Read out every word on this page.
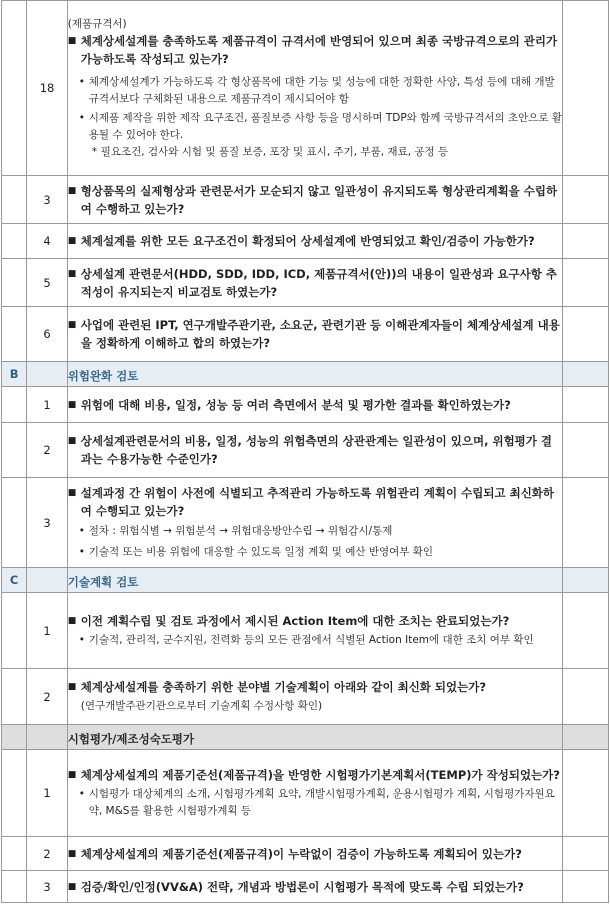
	18	(제품규격서)
■ 체계상세설계를 충족하도록 제품규격이 규격서에 반영되어 있으며 최종 국방규격으로의 관리가 가능하도록 작성되고 있는가?
• 체계상세설계가 가능하도록 각 형상품목에 대한 기능 및 성능에 대한 정확한 사양, 특성 등에 대해 개발규격서보다 구체화된 내용으로 제품규격이 제시되어야 함
• 시제품 제작을 위한 제작 요구조건, 품질보증 사항 등을 명시하며 TDP와 함께 국방규격서의 초안으로 활용될 수 있어야 한다.
* 필요조건, 검사와 시험 및 품질 보증, 포장 및 표시, 주기, 부품, 재료, 공정 등

	3	■ 형상품목의 실제형상과 관련문서가 모순되지 않고 일관성이 유지되도록 형상관리계획을 수립하여 수행하고 있는가?

	4	■ 체계설계를 위한 모든 요구조건이 확정되어 상세설계에 반영되었고 확인/검증이 가능한가?

	5	■ 상세설계 관련문서(HDD, SDD, IDD, ICD, 제품규격서(안))의 내용이 일관성과 요구사항 추적성이 유지되는지 비교검토 하였는가?

	6	■ 사업에 관련된 IPT, 연구개발주관기관, 소요군, 관련기관 등 이해관계자들이 체계상세설계 내용을 정확하게 이해하고 합의 하였는가?

B		위험완화 검토	
	1	■ 위험에 대해 비용, 일정, 성능 등 여러 측면에서 분석 및 평가한 결과를 확인하였는가?

	2	■ 상세설계관련문서의 비용, 일정, 성능의 위험측면의 상관관계는 일관성이 있으며, 위험평가 결과는 수용가능한 수준인가?

	3	■ 설계과정 간 위험이 사전에 식별되고 추적관리 가능하도록 위험관리 계획이 수립되고 최신화하여 수행되고 있는가?
• 절차 : 위험식별 → 위험분석 → 위험대응방안수립 → 위험감시/통제
• 기술적 또는 비용 위험에 대응할 수 있도록 일정 계획 및 예산 반영여부 확인

C		기술계획 검토	
	1	■ 이전 계획수립 및 검토 과정에서 제시된 Action Item에 대한 조치는 완료되었는가?
• 기술적, 관리적, 군수지원, 전력화 등의 모든 관점에서 식별된 Action Item에 대한 조치 여부 확인

	2	■ 체계상세설계를 충족하기 위한 분야별 기술계획이 아래와 같이 최신화 되었는가?
(연구개발주관기관으로부터 기술계획 수정사항 확인)

		시험평가/제조성숙도평가	
	1	■ 체계상세설계의 제품기준선(제품규격)을 반영한 시험평가기본계획서(TEMP)가 작성되었는가?
• 시험평가 대상체계의 소개, 시험평가계획 요약, 개발시험평가계획, 운용시험평가 계획, 시험평가자원요약, M&S를 활용한 시험평가계획 등

	2	■ 체계상세설계의 제품기준선(제품규격)이 누락없이 검증이 가능하도록 계획되어 있는가?

	3	■ 검증/확인/인정(VV&A) 전략, 개념과 방법론이 시험평가 목적에 맞도록 수립 되었는가?
